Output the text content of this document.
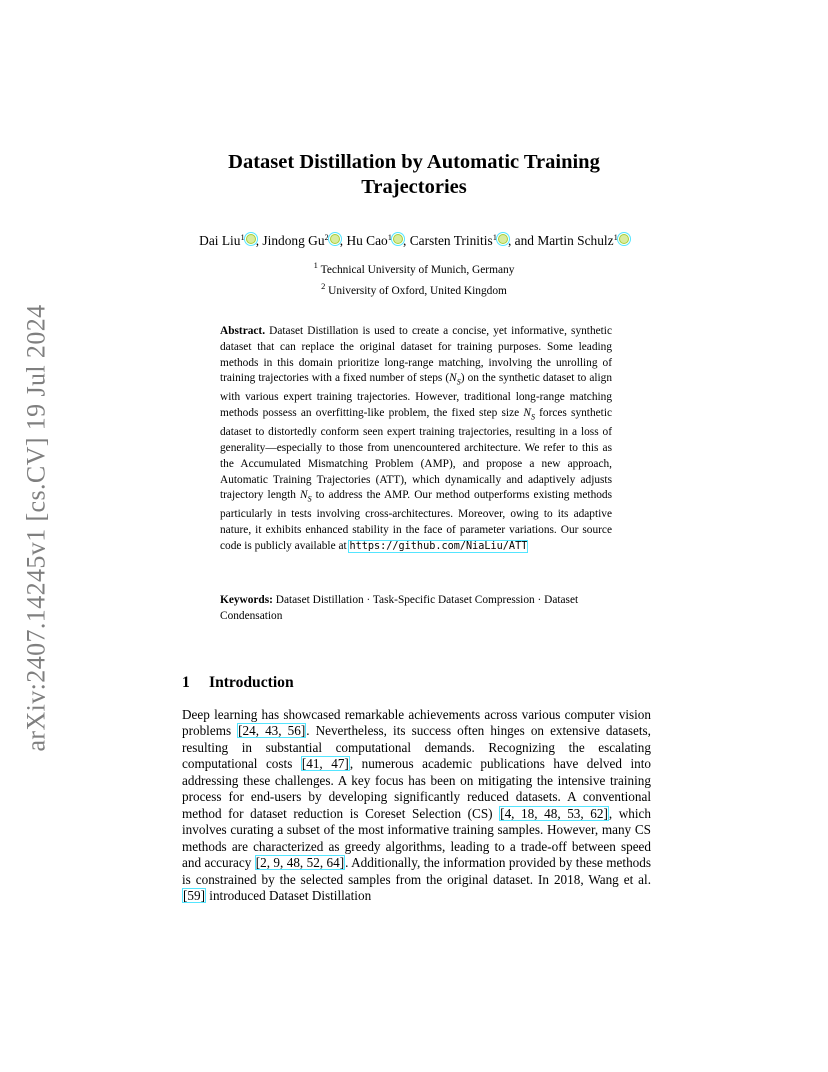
arXiv:2407.14245v1 [cs.CV] 19 Jul 2024
Dataset Distillation by Automatic Training Trajectories
Dai Liu$^1$ , Jindong Gu$^2$ , Hu Cao$^1$ , Carsten Trinitis$^1$ , and Martin Schulz$^1$
$^1$ Technical University of Munich, Germany
$^2$ University of Oxford, United Kingdom

Abstract. Dataset Distillation is used to create a concise, yet informative, synthetic dataset that can replace the original dataset for training purposes. Some leading methods in this domain prioritize long-range matching, involving the unrolling of training trajectories with a fixed number of steps $(N_S)$ on the synthetic dataset to align with various expert training trajectories. However, traditional long-range matching methods possess an overfitting-like problem, the fixed step size $N_S$ forces synthetic dataset to distortedly conform seen expert training trajectories, resulting in a loss of generality—especially to those from unencountered architecture. We refer to this as the Accumulated Mismatching Problem (AMP), and propose a new approach, Automatic Training Trajectories (ATT), which dynamically and adaptively adjusts trajectory length $N_S$ to address the AMP. Our method outperforms existing methods particularly in tests involving cross-architectures. Moreover, owing to its adaptive nature, it exhibits enhanced stability in the face of parameter variations. Our source code is publicly available at https://github.com/NiaLiu/ATT

Keywords: Dataset Distillation · Task-Specific Dataset Compression · Dataset Condensation

1 Introduction

Deep learning has showcased remarkable achievements across various computer vision problems [24, 43, 56]. Nevertheless, its success often hinges on extensive datasets, resulting in substantial computational demands. Recognizing the escalating computational costs [41, 47], numerous academic publications have delved into addressing these challenges. A key focus has been on mitigating the intensive training process for end-users by developing significantly reduced datasets. A conventional method for dataset reduction is Coreset Selection (CS) [4, 18, 48, 53, 62], which involves curating a subset of the most informative training samples. However, many CS methods are characterized as greedy algorithms, leading to a trade-off between speed and accuracy [2, 9, 48, 52, 64]. Additionally, the information provided by these methods is constrained by the selected samples from the original dataset. In 2018, Wang et al. [59] introduced Dataset Distillation
